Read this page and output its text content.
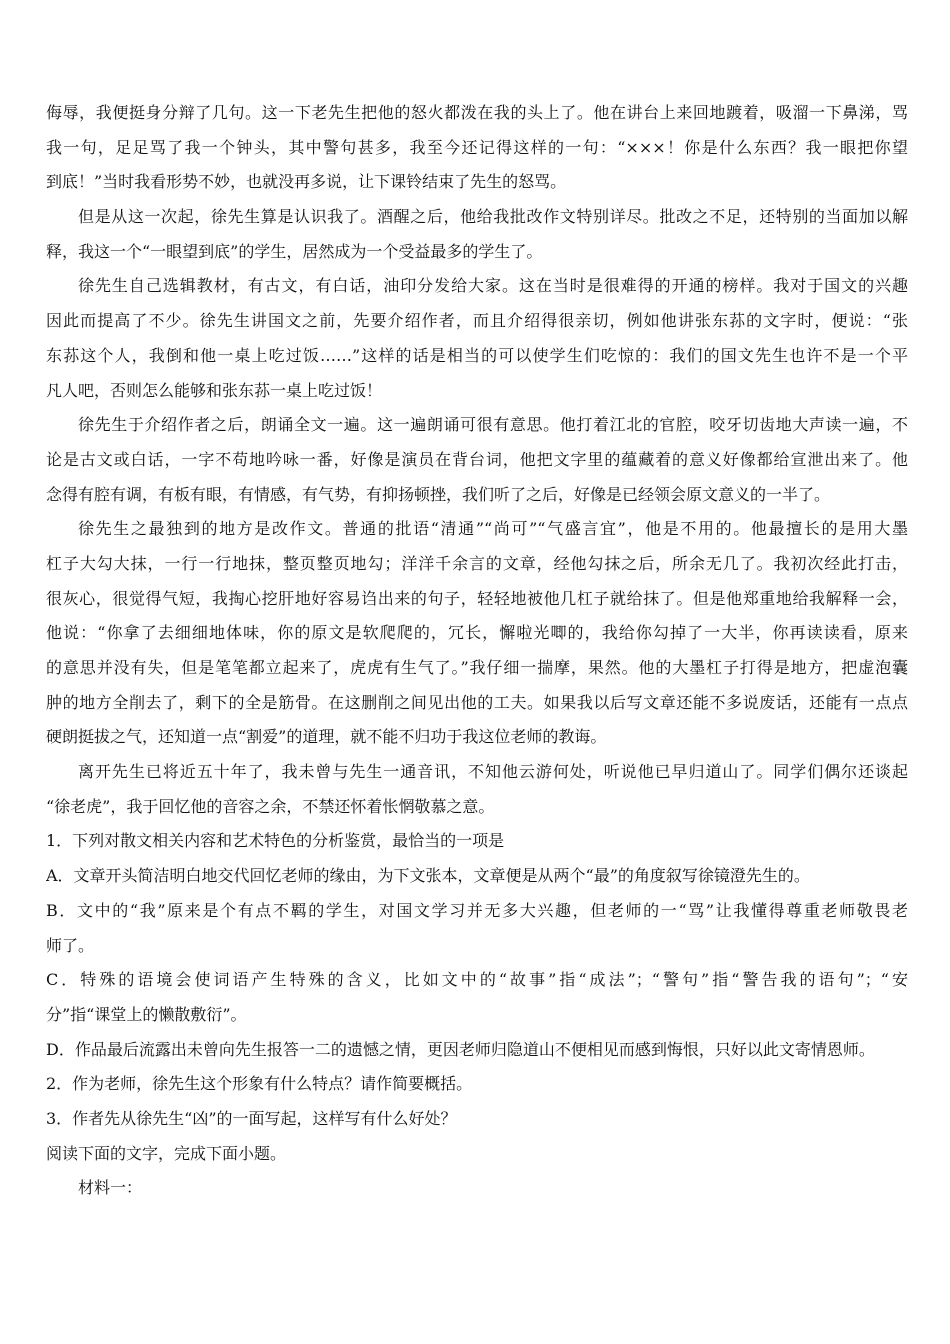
侮辱，我便挺身分辩了几句。这一下老先生把他的怒火都泼在我的头上了。他在讲台上来回地踱着，吸溜一下鼻涕，骂
我一句，足足骂了我一个钟头，其中警句甚多，我至今还记得这样的一句：“×××！你是什么东西？我一眼把你望
到底！”当时我看形势不妙，也就没再多说，让下课铃结束了先生的怒骂。
但是从这一次起，徐先生算是认识我了。酒醒之后，他给我批改作文特别详尽。批改之不足，还特别的当面加以解
释，我这一个“一眼望到底”的学生，居然成为一个受益最多的学生了。
徐先生自己选辑教材，有古文，有白话，油印分发给大家。这在当时是很难得的开通的榜样。我对于国文的兴趣
因此而提高了不少。徐先生讲国文之前，先要介绍作者，而且介绍得很亲切，例如他讲张东荪的文字时，便说：“张
东荪这个人，我倒和他一桌上吃过饭……”这样的话是相当的可以使学生们吃惊的：我们的国文先生也许不是一个平
凡人吧，否则怎么能够和张东荪一桌上吃过饭！
徐先生于介绍作者之后，朗诵全文一遍。这一遍朗诵可很有意思。他打着江北的官腔，咬牙切齿地大声读一遍，不
论是古文或白话，一字不苟地吟咏一番，好像是演员在背台词，他把文字里的蕴藏着的意义好像都给宣泄出来了。他
念得有腔有调，有板有眼，有情感，有气势，有抑扬顿挫，我们听了之后，好像是已经领会原文意义的一半了。
徐先生之最独到的地方是改作文。普通的批语“清通”“尚可”“气盛言宜”，他是不用的。他最擅长的是用大墨
杠子大勾大抹，一行一行地抹，整页整页地勾；洋洋千余言的文章，经他勾抹之后，所余无几了。我初次经此打击，
很灰心，很觉得气短，我掏心挖肝地好容易诌出来的句子，轻轻地被他几杠子就给抹了。但是他郑重地给我解释一会，
他说：“你拿了去细细地体味，你的原文是软爬爬的，冗长，懈啦光唧的，我给你勾掉了一大半，你再读读看，原来
的意思并没有失，但是笔笔都立起来了，虎虎有生气了。”我仔细一揣摩，果然。他的大墨杠子打得是地方，把虚泡囊
肿的地方全削去了，剩下的全是筋骨。在这删削之间见出他的工夫。如果我以后写文章还能不多说废话，还能有一点点
硬朗挺拔之气，还知道一点“割爱”的道理，就不能不归功于我这位老师的教诲。
离开先生已将近五十年了，我未曾与先生一通音讯，不知他云游何处，听说他已早归道山了。同学们偶尔还谈起
“徐老虎”，我于回忆他的音容之余，不禁还怀着怅惘敬慕之意。
1．下列对散文相关内容和艺术特色的分析鉴赏，最恰当的一项是
A．文章开头简洁明白地交代回忆老师的缘由，为下文张本，文章便是从两个“最”的角度叙写徐镜澄先生的。
B．文中的“我”原来是个有点不羁的学生，对国文学习并无多大兴趣，但老师的一“骂”让我懂得尊重老师敬畏老
师了。
C．特殊的语境会使词语产生特殊的含义，比如文中的“故事”指“成法”；“警句”指“警告我的语句”；“安
分”指“课堂上的懒散敷衍”。
D．作品最后流露出未曾向先生报答一二的遗憾之情，更因老师归隐道山不便相见而感到悔恨，只好以此文寄情恩师。
2．作为老师，徐先生这个形象有什么特点？请作简要概括。
3．作者先从徐先生“凶”的一面写起，这样写有什么好处？
阅读下面的文字，完成下面小题。
材料一：
